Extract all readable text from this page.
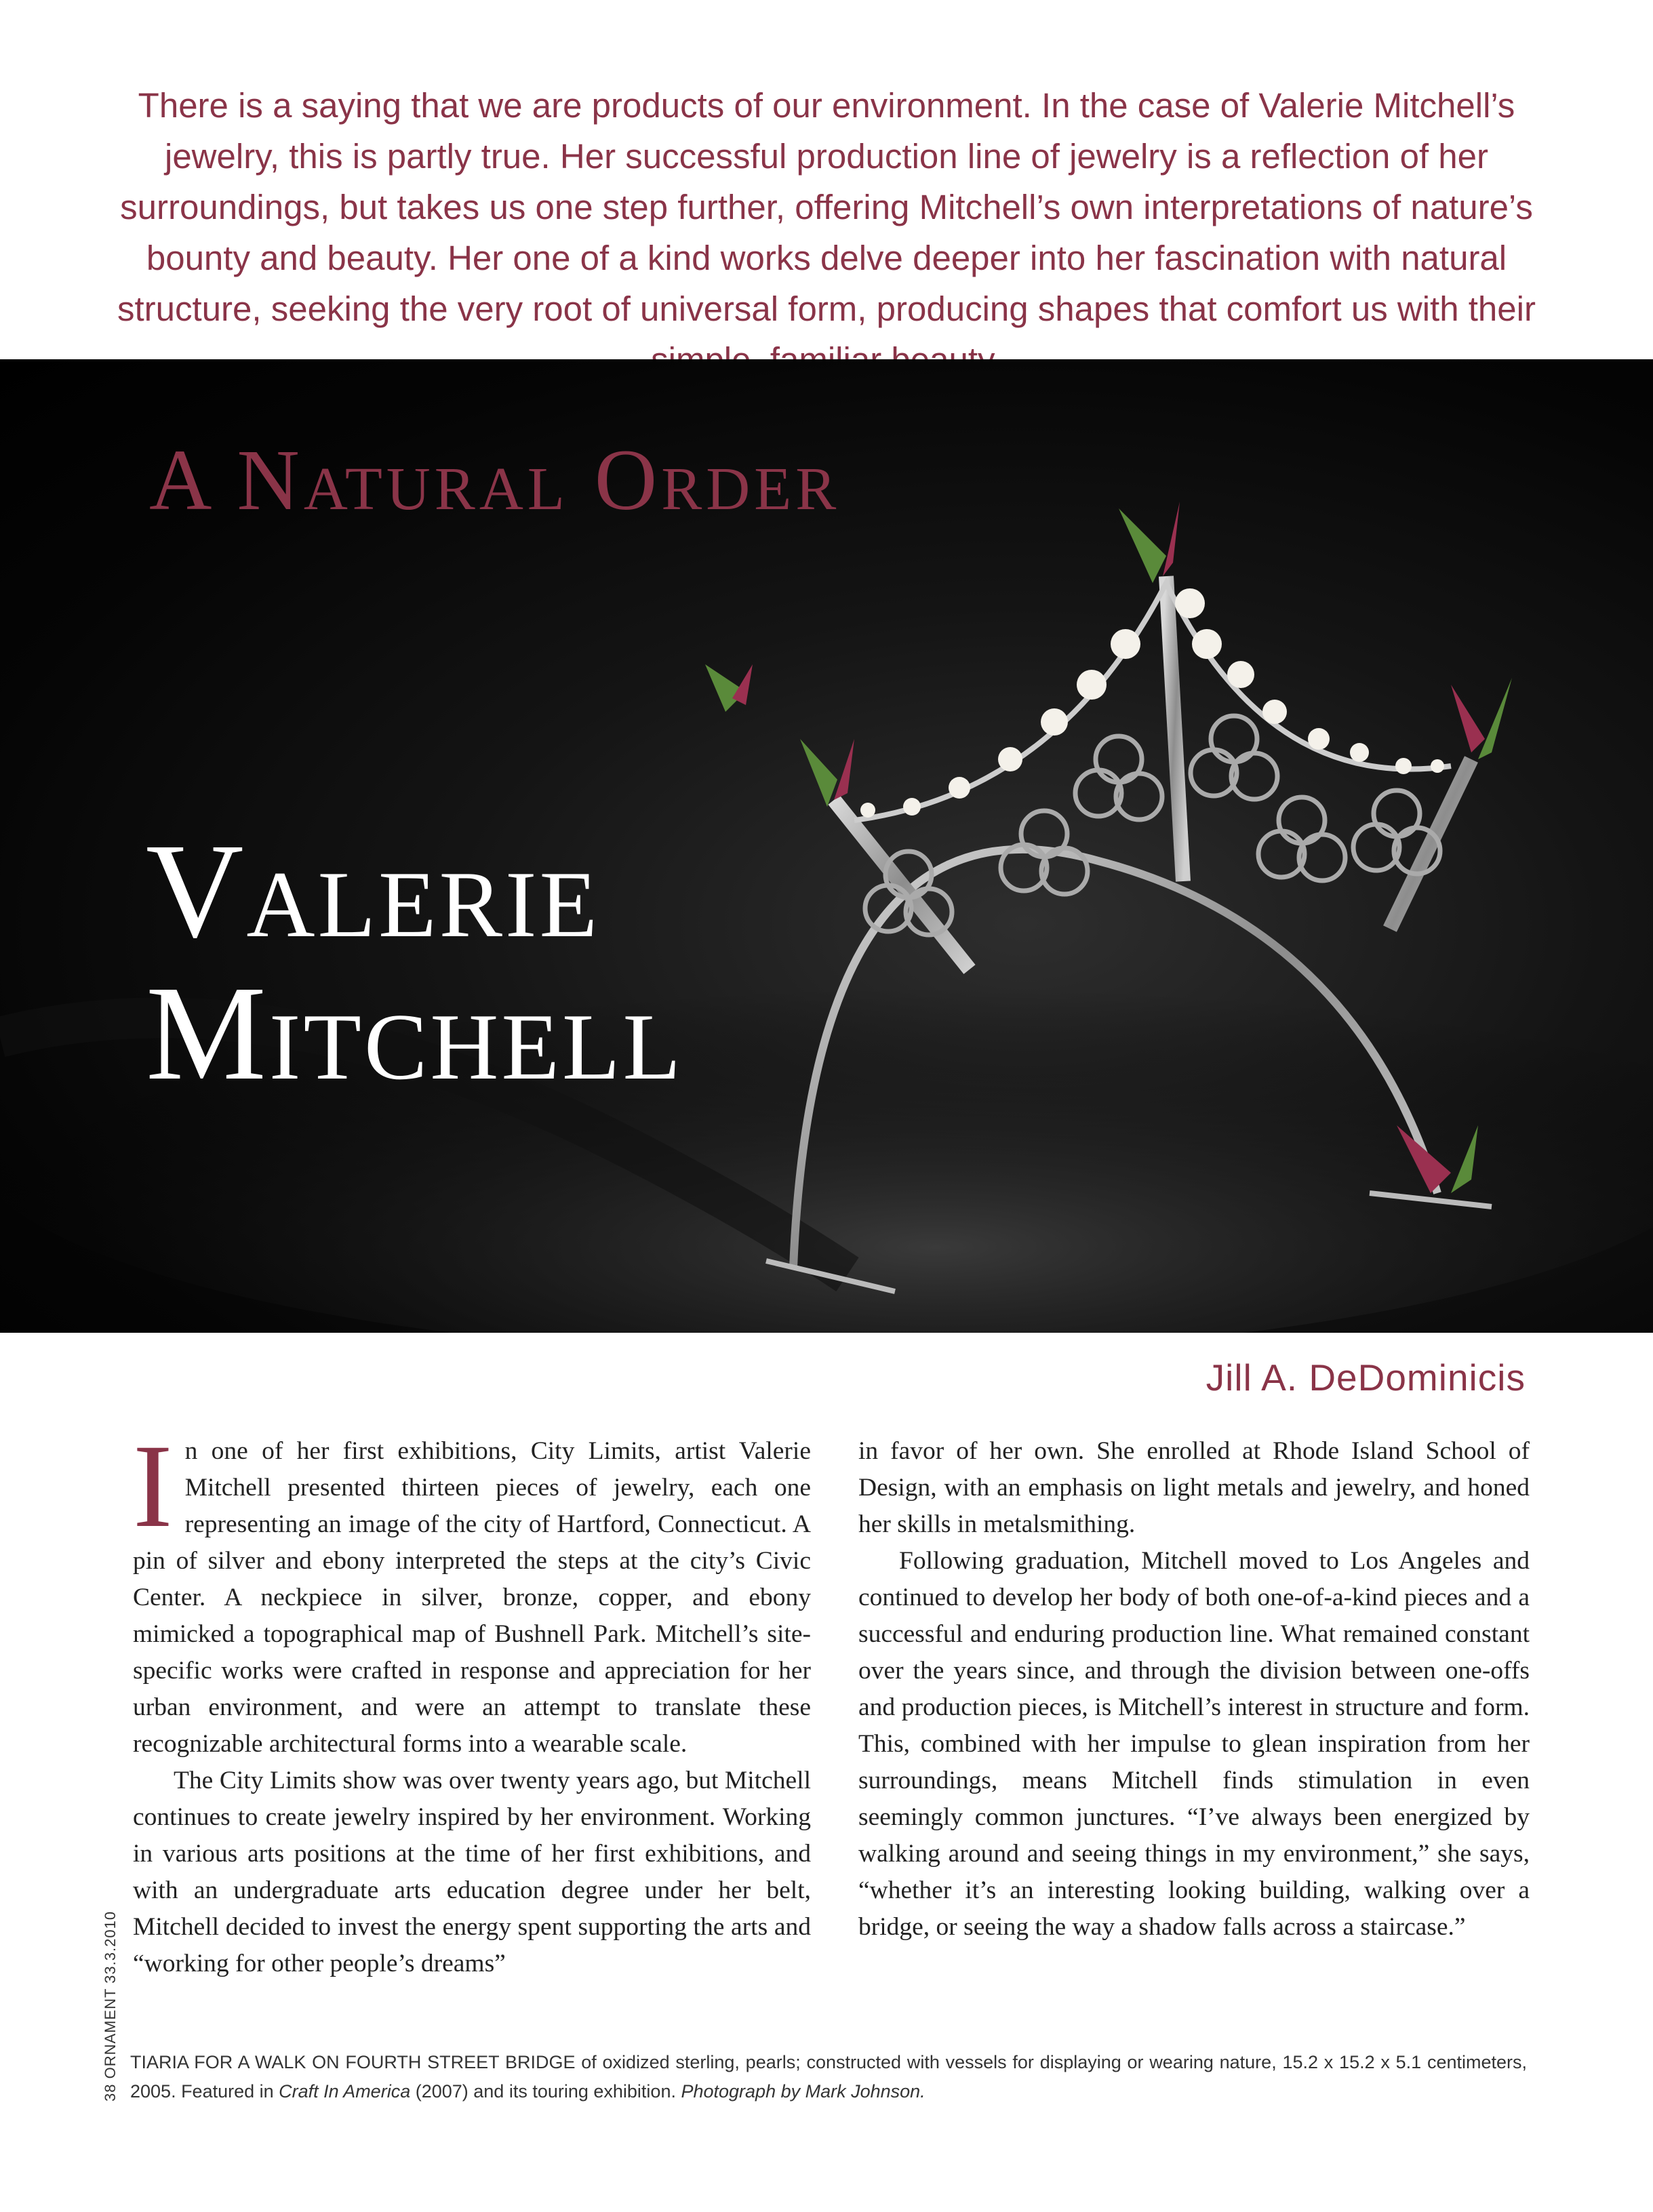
There is a saying that we are products of our environment. In the case of Valerie Mitchell’s jewelry, this is partly true. Her successful production line of jewelry is a reflection of her surroundings, but takes us one step further, offering Mitchell’s own interpretations of nature’s bounty and beauty. Her one of a kind works delve deeper into her fascination with natural structure, seeking the very root of universal form, producing shapes that comfort us with their
A Natural Order
Valerie
Mitchell
Jill A. DeDominicis

In one of her first exhibitions, City Limits, artist Valerie Mitchell presented thirteen pieces of jewelry, each one representing an image of the city of Hartford, Connecticut. A pin of silver and ebony interpreted the steps at the city’s Civic Center. A neckpiece in silver, bronze, copper, and ebony mimicked a topographical map of Bushnell Park. Mitchell’s site-specific works were crafted in response and appreciation for her urban environment, and were an attempt to translate these recognizable architectural forms into a wearable scale.

The City Limits show was over twenty years ago, but Mitchell continues to create jewelry inspired by her environment. Working in various arts positions at the time of her first exhibitions, and with an undergraduate arts education degree under her belt, Mitchell decided to invest the energy spent supporting the arts and “working for other people’s dreams”

in favor of her own. She enrolled at Rhode Island School of Design, with an emphasis on light metals and jewelry, and honed her skills in metalsmithing.

Following graduation, Mitchell moved to Los Angeles and continued to develop her body of both one-of-a-kind pieces and a successful and enduring production line. What remained constant over the years since, and through the division between one-offs and production pieces, is Mitchell’s interest in structure and form. This, combined with her impulse to glean inspiration from her surroundings, means Mitchell finds stimulation in even seemingly common junctures. “I’ve always been energized by walking around and seeing things in my environment,” she says, “whether it’s an interesting looking building, walking over a bridge, or seeing the way a shadow falls across a staircase.”

38 ORNAMENT 33.3.2010 TIARIA FOR A WALK ON FOURTH STREET BRIDGE of oxidized sterling, pearls; constructed with vessels for displaying or wearing nature, 15.2 x 15.2 x 5.1 centimeters, 2005. Featured in Craft In America (2007) and its touring exhibition. Photograph by Mark Johnson.
